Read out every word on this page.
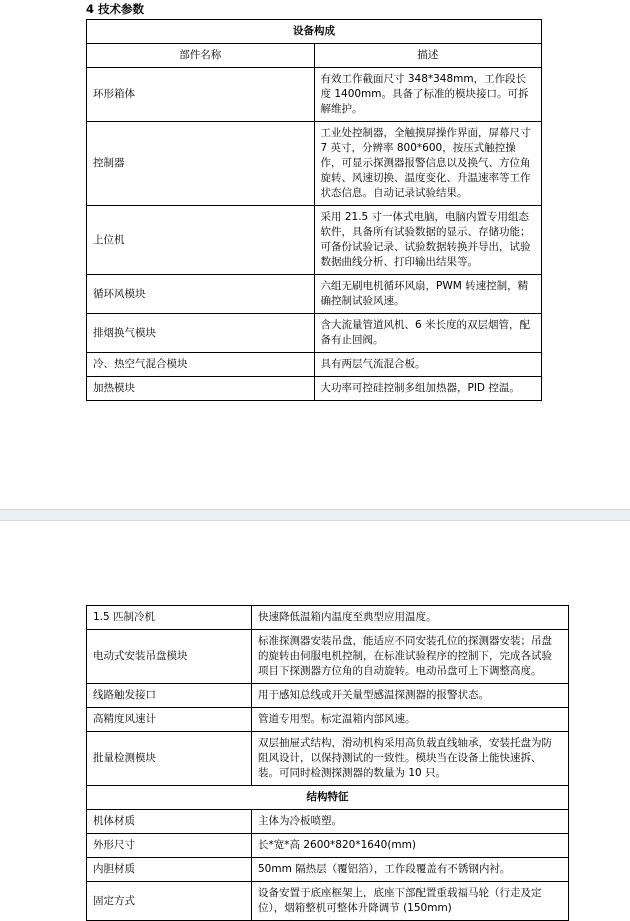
4 技术参数
设备构成	
部件名称	描述
环形箱体	有效工作截面尺寸 348*348mm，工作段长度 1400mm。具备了标准的模块接口。可拆解维护。
控制器	工业处控制器，全触摸屏操作界面，屏幕尺寸 7 英寸，分辨率 800*600，按压式触控操作，可显示探测器报警信息以及换气、方位角旋转、风速切换、温度变化、升温速率等工作状态信息。自动记录试验结果。
上位机	采用 21.5 寸一体式电脑，电脑内置专用组态软件，具备所有试验数据的显示、存储功能；可备份试验记录、试验数据转换并导出，试验数据曲线分析、打印输出结果等。
循环风模块	六组无刷电机循环风扇，PWM 转速控制，精确控制试验风速。
排烟换气模块	含大流量管道风机、6 米长度的双层烟管，配备有止回阀。
冷、热空气混合模块	具有两层气流混合板。
加热模块	大功率可控硅控制多组加热器，PID 控温。
1.5 匹制冷机	快速降低温箱内温度至典型应用温度。
电动式安装吊盘模块	标准探测器安装吊盘，能适应不同安装孔位的探测器安装；吊盘的旋转由伺服电机控制，在标准试验程序的控制下，完成各试验项目下探测器方位角的自动旋转。电动吊盘可上下调整高度。
线路触发接口	用于感知总线或开关量型感温探测器的报警状态。
高精度风速计	管道专用型。标定温箱内部风速。
批量检测模块	双层抽屉式结构，滑动机构采用高负载直线轴承，安装托盘为防阻风设计，以保持测试的一致性。模块当在设备上能快速拆、装。可同时检测探测器的数量为 10 只。
结构特征	
机体材质	主体为冷板喷塑。
外形尺寸	长*宽*高 2600*820*1640(mm)
内胆材质	50mm 隔热层（覆铝箔），工作段覆盖有不锈钢内衬。
固定方式	设备安置于底座框架上，底座下部配置重载福马轮（行走及定位），烟箱整机可整体升降调节 (150mm)
